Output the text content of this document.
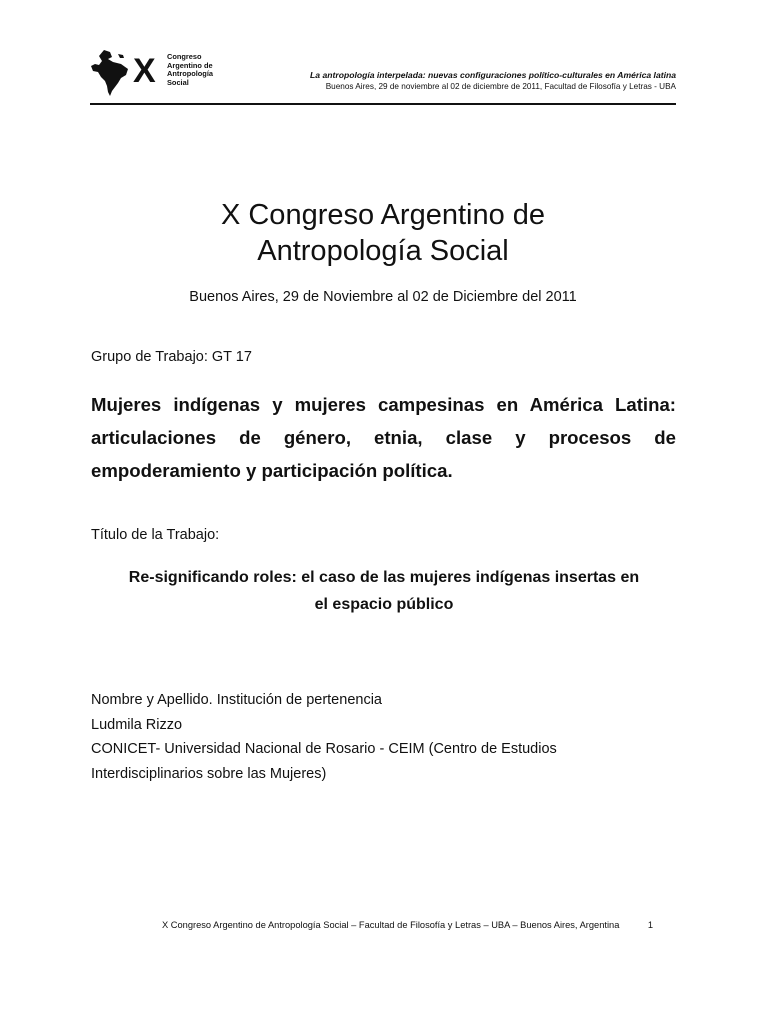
X Congreso
Argentino de
Antropología
Social
La antropología interpelada: nuevas configuraciones político-culturales en América latina
Buenos Aires, 29 de noviembre al 02 de diciembre de 2011, Facultad de Filosofía y Letras - UBA
X Congreso Argentino de
Antropología Social
Buenos Aires, 29 de Noviembre al 02 de Diciembre del 2011
Grupo de Trabajo: GT 17
Mujeres indígenas y mujeres campesinas en América Latina: articulaciones de género, etnia, clase y procesos de empoderamiento y participación política.
Título de la Trabajo:
Re-significando roles: el caso de las mujeres indígenas insertas en
el espacio público
Nombre y Apellido. Institución de pertenencia
Ludmila Rizzo
CONICET- Universidad Nacional de Rosario - CEIM (Centro de Estudios
Interdisciplinarios sobre las Mujeres)
X Congreso Argentino de Antropología Social – Facultad de Filosofía y Letras – UBA – Buenos Aires, Argentina	1
